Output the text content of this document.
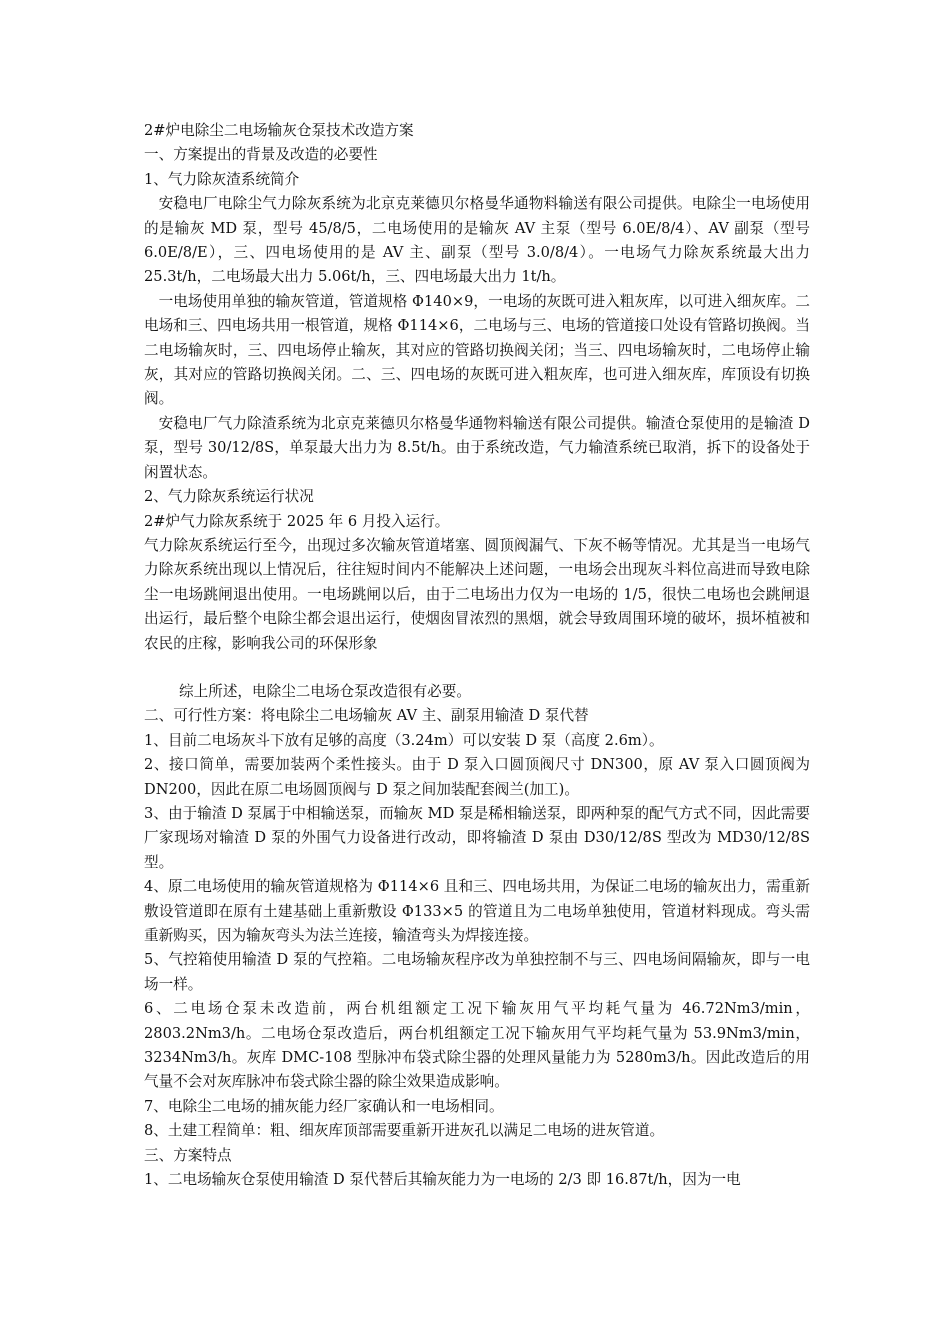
2#炉电除尘二电场输灰仓泵技术改造方案

一、方案提出的背景及改造的必要性

1、气力除灰渣系统简介

安稳电厂电除尘气力除灰系统为北京克莱德贝尔格曼华通物料输送有限公司提供。电除尘一电场使用的是输灰 MD 泵，型号 45/8/5，二电场使用的是输灰 AV 主泵（型号 6.0E/8/4）、AV 副泵（型号 6.0E/8/E），三、四电场使用的是 AV 主、副泵（型号 3.0/8/4）。一电场气力除灰系统最大出力 25.3t/h，二电场最大出力 5.06t/h，三、四电场最大出力 1t/h。

一电场使用单独的输灰管道，管道规格 Φ140×9，一电场的灰既可进入粗灰库，以可进入细灰库。二电场和三、四电场共用一根管道，规格 Φ114×6，二电场与三、电场的管道接口处设有管路切换阀。当二电场输灰时，三、四电场停止输灰，其对应的管路切换阀关闭；当三、四电场输灰时，二电场停止输灰，其对应的管路切换阀关闭。二、三、四电场的灰既可进入粗灰库，也可进入细灰库，库顶设有切换阀。

安稳电厂气力除渣系统为北京克莱德贝尔格曼华通物料输送有限公司提供。输渣仓泵使用的是输渣 D 泵，型号 30/12/8S，单泵最大出力为 8.5t/h。由于系统改造，气力输渣系统已取消，拆下的设备处于闲置状态。

2、气力除灰系统运行状况

2#炉气力除灰系统于 2025 年 6 月投入运行。

气力除灰系统运行至今，出现过多次输灰管道堵塞、圆顶阀漏气、下灰不畅等情况。尤其是当一电场气力除灰系统出现以上情况后，往往短时间内不能解决上述问题，一电场会出现灰斗料位高进而导致电除尘一电场跳闸退出使用。一电场跳闸以后，由于二电场出力仅为一电场的 1/5，很快二电场也会跳闸退出运行，最后整个电除尘都会退出运行，使烟囱冒浓烈的黑烟，就会导致周围环境的破坏，损坏植被和农民的庄稼，影响我公司的环保形象

综上所述，电除尘二电场仓泵改造很有必要。

二、可行性方案：将电除尘二电场输灰 AV 主、副泵用输渣 D 泵代替

1、目前二电场灰斗下放有足够的高度（3.24m）可以安装 D 泵（高度 2.6m）。

2、接口简单，需要加装两个柔性接头。由于 D 泵入口圆顶阀尺寸 DN300，原 AV 泵入口圆顶阀为 DN200，因此在原二电场圆顶阀与 D 泵之间加装配套阀兰(加工)。

3、由于输渣 D 泵属于中相输送泵，而输灰 MD 泵是稀相输送泵，即两种泵的配气方式不同，因此需要厂家现场对输渣 D 泵的外围气力设备进行改动，即将输渣 D 泵由 D30/12/8S 型改为 MD30/12/8S 型。

4、原二电场使用的输灰管道规格为 Φ114×6 且和三、四电场共用，为保证二电场的输灰出力，需重新敷设管道即在原有土建基础上重新敷设 Φ133×5 的管道且为二电场单独使用，管道材料现成。弯头需重新购买，因为输灰弯头为法兰连接，输渣弯头为焊接连接。

5、气控箱使用输渣 D 泵的气控箱。二电场输灰程序改为单独控制不与三、四电场间隔输灰，即与一电场一样。

6、二电场仓泵未改造前，两台机组额定工况下输灰用气平均耗气量为 46.72Nm3/min，2803.2Nm3/h。二电场仓泵改造后，两台机组额定工况下输灰用气平均耗气量为 53.9Nm3/min，3234Nm3/h。灰库 DMC-108 型脉冲布袋式除尘器的处理风量能力为 5280m3/h。因此改造后的用气量不会对灰库脉冲布袋式除尘器的除尘效果造成影响。

7、电除尘二电场的捕灰能力经厂家确认和一电场相同。

8、土建工程简单：粗、细灰库顶部需要重新开进灰孔以满足二电场的进灰管道。

三、方案特点

1、二电场输灰仓泵使用输渣 D 泵代替后其输灰能力为一电场的 2/3 即 16.87t/h，因为一电
